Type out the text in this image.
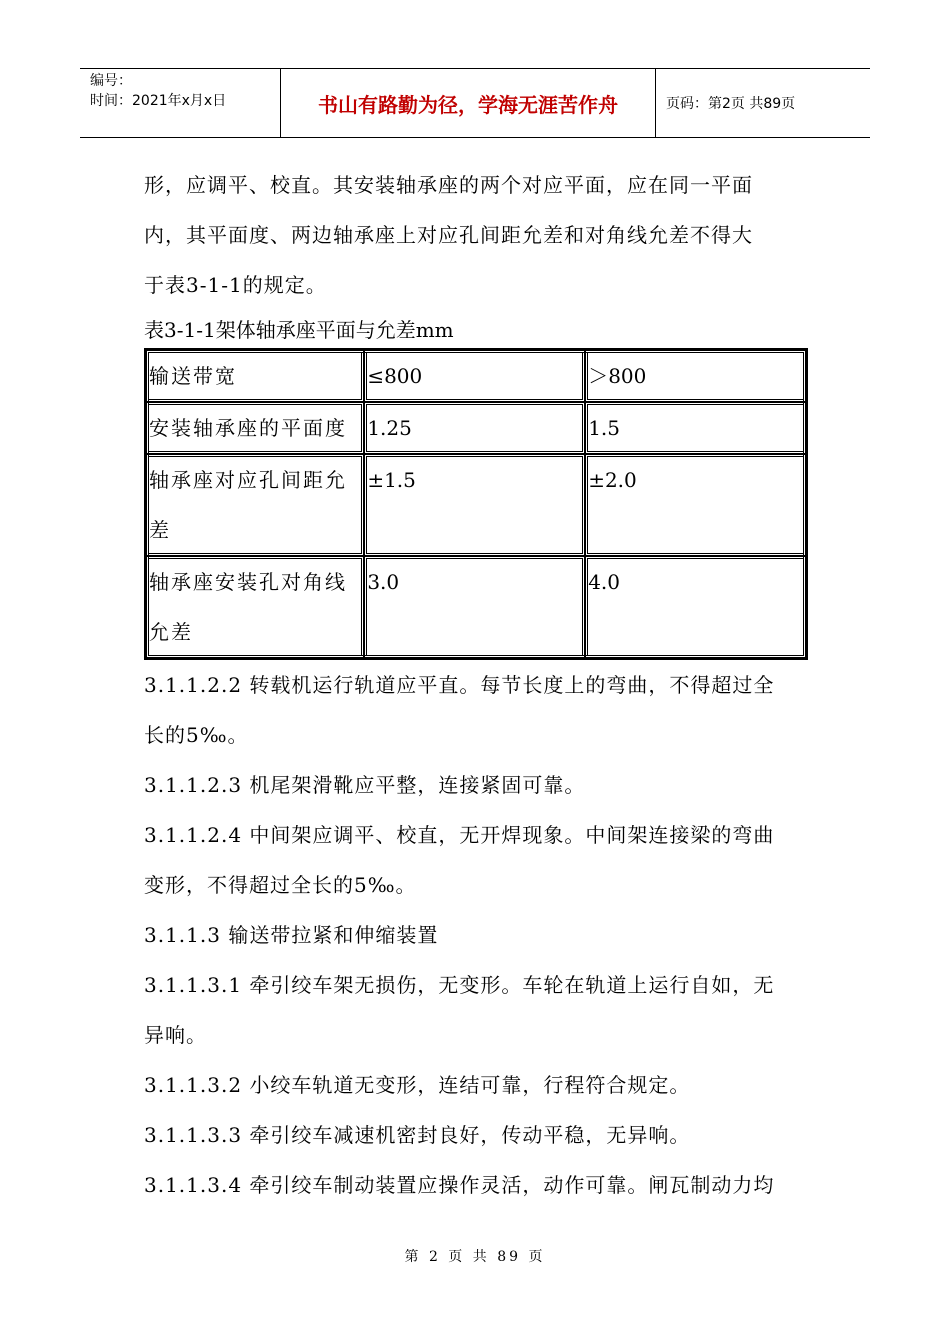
编号：
时间：2021年x月x日	书山有路勤为径，学海无涯苦作舟	页码：第2页 共89页

形，应调平、校直。其安装轴承座的两个对应平面，应在同一平面

内，其平面度、两边轴承座上对应孔间距允差和对角线允差不得大

于表3-1-1的规定。

表3-1-1架体轴承座平面与允差mm

输送带宽	≤800	＞800
安装轴承座的平面度	1.25	1.5
轴承座对应孔间距允差	±1.5	±2.0
轴承座安装孔对角线允差	3.0	4.0

3.1.1.2.2 转载机运行轨道应平直。每节长度上的弯曲，不得超过全

长的5‰。

3.1.1.2.3 机尾架滑靴应平整，连接紧固可靠。

3.1.1.2.4 中间架应调平、校直，无开焊现象。中间架连接梁的弯曲

变形，不得超过全长的5‰。

3.1.1.3 输送带拉紧和伸缩装置

3.1.1.3.1 牵引绞车架无损伤，无变形。车轮在轨道上运行自如，无

异响。

3.1.1.3.2 小绞车轨道无变形，连结可靠，行程符合规定。

3.1.1.3.3 牵引绞车减速机密封良好，传动平稳，无异响。

3.1.1.3.4 牵引绞车制动装置应操作灵活，动作可靠。闸瓦制动力均

第 2 页 共 89 页
